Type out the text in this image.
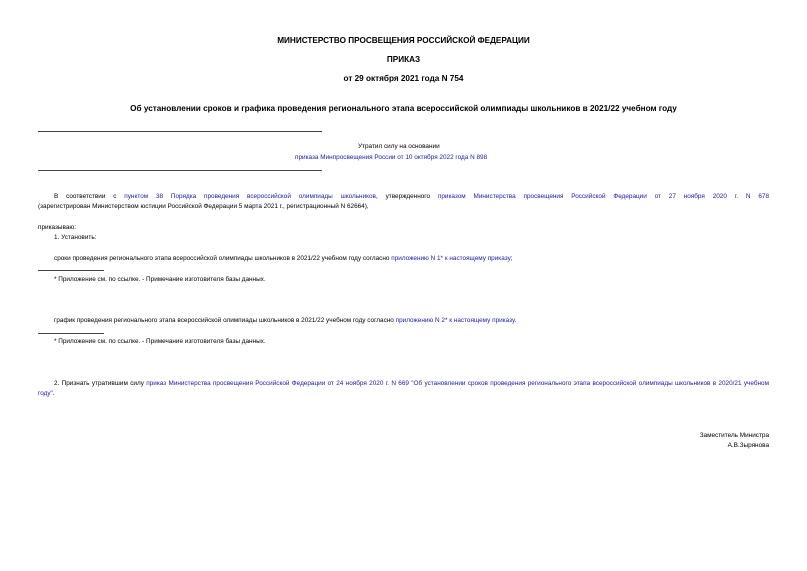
МИНИСТЕРСТВО ПРОСВЕЩЕНИЯ РОССИЙСКОЙ ФЕДЕРАЦИИ
ПРИКАЗ
от 29 октября 2021 года N 754
Об установлении сроков и графика проведения регионального этапа всероссийской олимпиады школьников в 2021/22 учебном году
Утратил силу на основании
приказа Минпросвещения России от 10 октября 2022 года N 898
В соответствии с пунктом 38 Порядка проведения всероссийской олимпиады школьников, утвержденного приказом Министерства просвещения Российской Федерации от 27 ноября 2020 г. N 678
(зарегистрирован Министерством юстиции Российской Федерации 5 марта 2021 г., регистрационный N 62664),
приказываю:
1. Установить:
сроки проведения регионального этапа всероссийской олимпиады школьников в 2021/22 учебном году согласно приложению N 1* к настоящему приказу;
* Приложение см. по ссылке. - Примечание изготовителя базы данных.
график проведения регионального этапа всероссийской олимпиады школьников в 2021/22 учебном году согласно приложению N 2* к настоящему приказу.
* Приложение см. по ссылке. - Примечание изготовителя базы данных.
2. Признать утратившим силу приказ Министерства просвещения Российской Федерации от 24 ноября 2020 г. N 669 "Об установлении сроков проведения регионального этапа всероссийской олимпиады школьников в 2020/21 учебном году".
Заместитель Министра
А.В.Зырянова
